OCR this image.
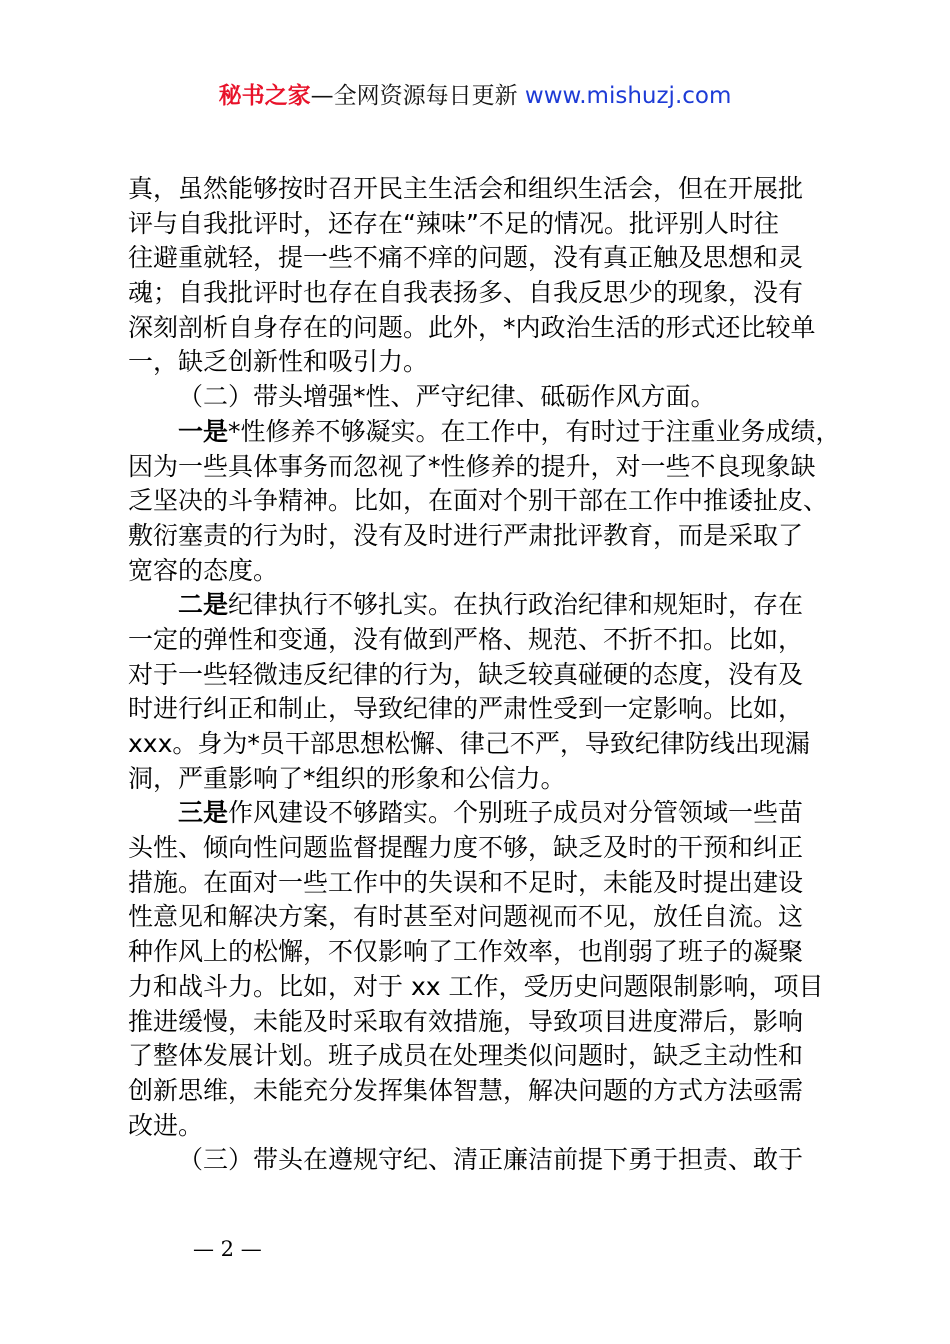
秘书之家—全网资源每日更新 www.mishuzj.com
真，虽然能够按时召开民主生活会和组织生活会，但在开展批
评与自我批评时，还存在“辣味”不足的情况。批评别人时往
往避重就轻，提一些不痛不痒的问题，没有真正触及思想和灵
魂；自我批评时也存在自我表扬多、自我反思少的现象，没有
深刻剖析自身存在的问题。此外，*内政治生活的形式还比较单
一，缺乏创新性和吸引力。
（二）带头增强*性、严守纪律、砥砺作风方面。
一是*性修养不够凝实。在工作中，有时过于注重业务成绩，
因为一些具体事务而忽视了*性修养的提升，对一些不良现象缺
乏坚决的斗争精神。比如，在面对个别干部在工作中推诿扯皮、
敷衍塞责的行为时，没有及时进行严肃批评教育，而是采取了
宽容的态度。
二是纪律执行不够扎实。在执行政治纪律和规矩时，存在
一定的弹性和变通，没有做到严格、规范、不折不扣。比如，
对于一些轻微违反纪律的行为，缺乏较真碰硬的态度，没有及
时进行纠正和制止，导致纪律的严肃性受到一定影响。比如，
xxx。身为*员干部思想松懈、律己不严，导致纪律防线出现漏
洞，严重影响了*组织的形象和公信力。
三是作风建设不够踏实。个别班子成员对分管领域一些苗
头性、倾向性问题监督提醒力度不够，缺乏及时的干预和纠正
措施。在面对一些工作中的失误和不足时，未能及时提出建设
性意见和解决方案，有时甚至对问题视而不见，放任自流。这
种作风上的松懈，不仅影响了工作效率，也削弱了班子的凝聚
力和战斗力。比如，对于 xx 工作，受历史问题限制影响，项目
推进缓慢，未能及时采取有效措施，导致项目进度滞后，影响
了整体发展计划。班子成员在处理类似问题时，缺乏主动性和
创新思维，未能充分发挥集体智慧，解决问题的方式方法亟需
改进。
（三）带头在遵规守纪、清正廉洁前提下勇于担责、敢于
— 2 —
